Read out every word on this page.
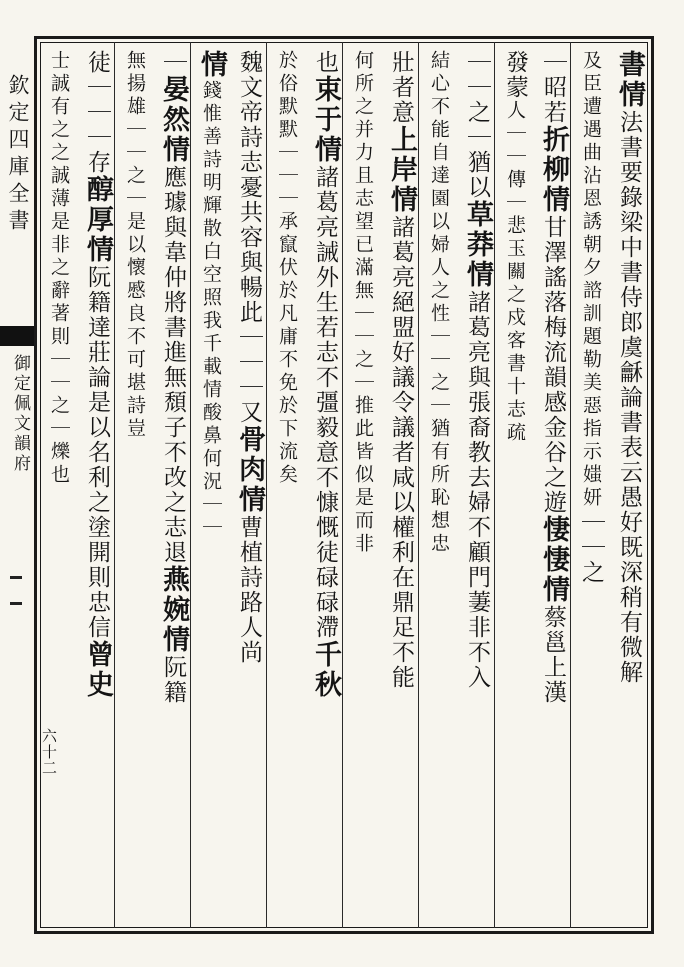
欽定四庫全書
御定佩文韻府
六十二
書情法書要錄梁中書侍郎虞龢論書表云愚好既深稍有微解
及臣遭遇曲沾恩誘朝夕諮訓題勒美惡指示媸妍｜｜之
｜昭若折柳情甘澤謠落梅流韻感金谷之遊悽悽情蔡邕上漢
發蒙人｜｜傳｜悲玉關之戍客書十志疏
｜｜之｜猶以草莽情諸葛亮與張裔教去婦不顧門萋非不入
結心不能自達園以婦人之性｜｜之｜猶有所恥想忠
壯者意上岸情諸葛亮絕盟好議令議者咸以權利在鼎足不能
何所之并力且志望已滿無｜｜之｜推此皆似是而非
也束于情諸葛亮誡外生若志不彊毅意不慷慨徒碌碌滯千秋
於俗默默｜｜｜承竄伏於凡庸不免於下流矣
魏文帝詩志憂共容與暢此｜｜｜又骨肉情曹植詩路人尚
情錢惟善詩明輝散白空照我千載情酸鼻何況｜｜
｜晏然情應璩與韋仲將書進無頹子不改之志退燕婉情阮籍
無揚雄｜｜之｜是以懷慼良不可堪詩豈
徒｜｜｜存醇厚情阮籍達莊論是以名利之塗開則忠信曾史
士誠有之之誠薄是非之辭著則｜｜之｜爍也
